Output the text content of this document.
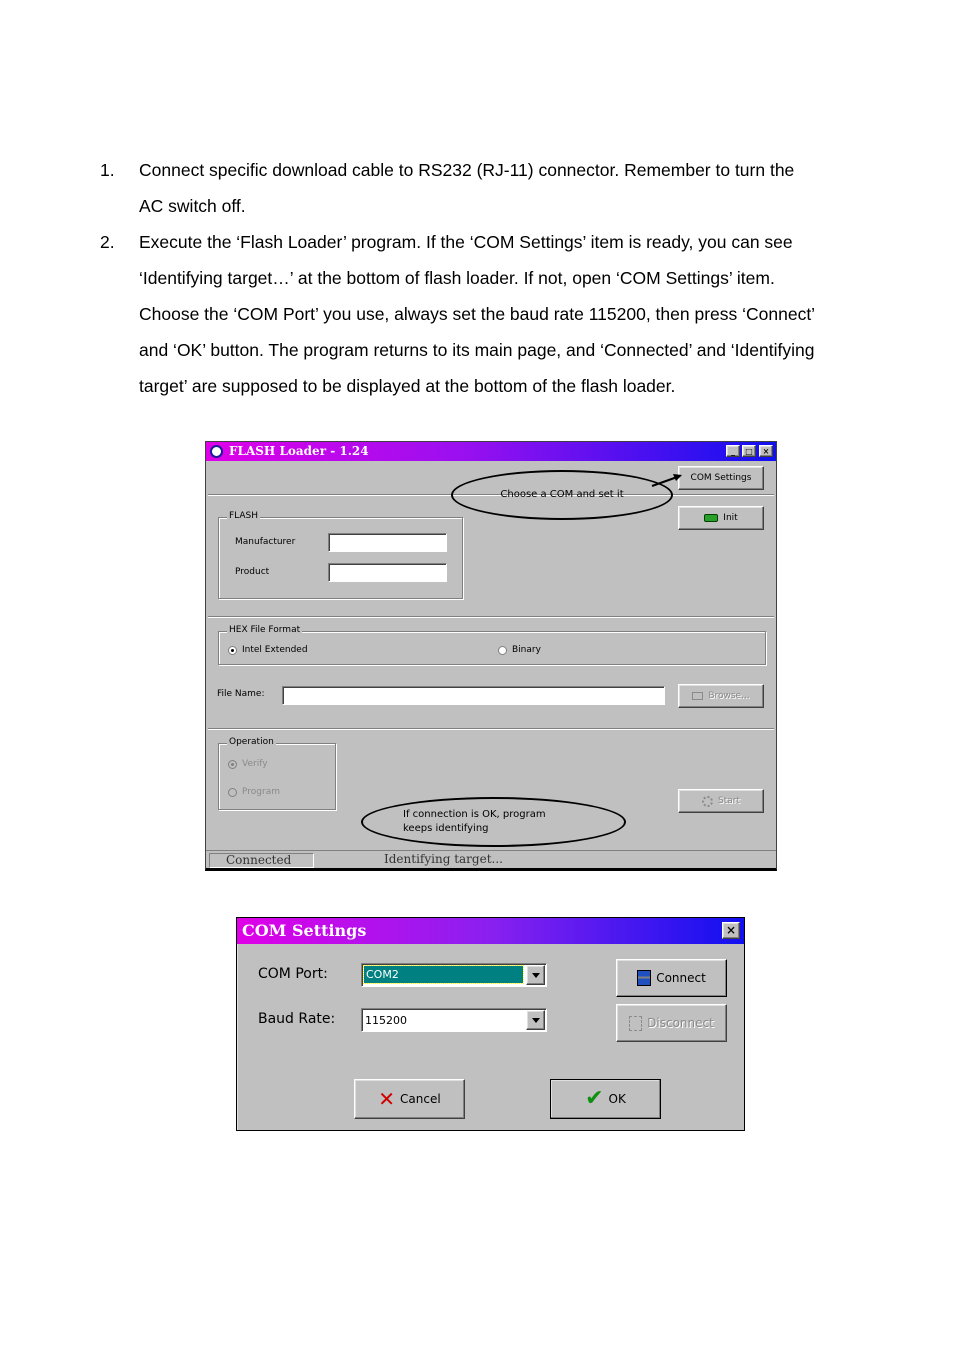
1. Connect specific download cable to RS232 (RJ-11) connector. Remember to turn the
AC switch off.
2. Execute the ‘Flash Loader’ program. If the ‘COM Settings’ item is ready, you can see
‘Identifying target…’ at the bottom of flash loader. If not, open ‘COM Settings’ item.
Choose the ‘COM Port’ you use, always set the baud rate 115200, then press ‘Connect’
and ‘OK’ button. The program returns to its main page, and ‘Connected’ and ‘Identifying
target’ are supposed to be displayed at the bottom of the flash loader.
FLASH Loader - 1.24	_	□	×
COM Settings
Init
Choose a COM and set it
FLASH
Manufacturer
Product
HEX File Format
Intel Extended	Binary
File Name:	Browse...
Operation
Verify
Program
Start
If connection is OK, program
keeps identifying
Connected	Identifying target...
COM Settings	×
COM Port:	COM2
Baud Rate:	115200
Connect
Disconnect
✕ Cancel	✔ OK
